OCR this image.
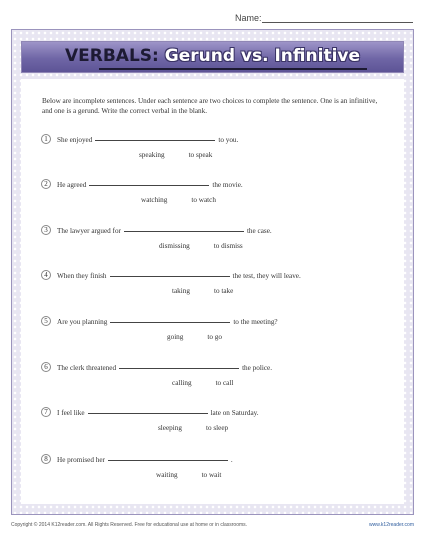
Name:
VERBALS: Gerund vs. Infinitive
Below are incomplete sentences. Under each sentence are two choices to complete the sentence. One is an infinitive, and one is a gerund. Write the correct verbal in the blank.
1	She enjoyed	to you.
speaking	to speak
2	He agreed	the movie.
watching	to watch
3	The lawyer argued for	the case.
dismissing	to dismiss
4	When they finish	the test, they will leave.
taking	to take
5	Are you planning	to the meeting?
going	to go
6	The clerk threatened	the police.
calling	to call
7	I feel like	late on Saturday.
sleeping	to sleep
8	He promised her	.
waiting	to wait
Copyright © 2014 K12reader.com. All Rights Reserved. Free for educational use at home or in classrooms.	www.k12reader.com
